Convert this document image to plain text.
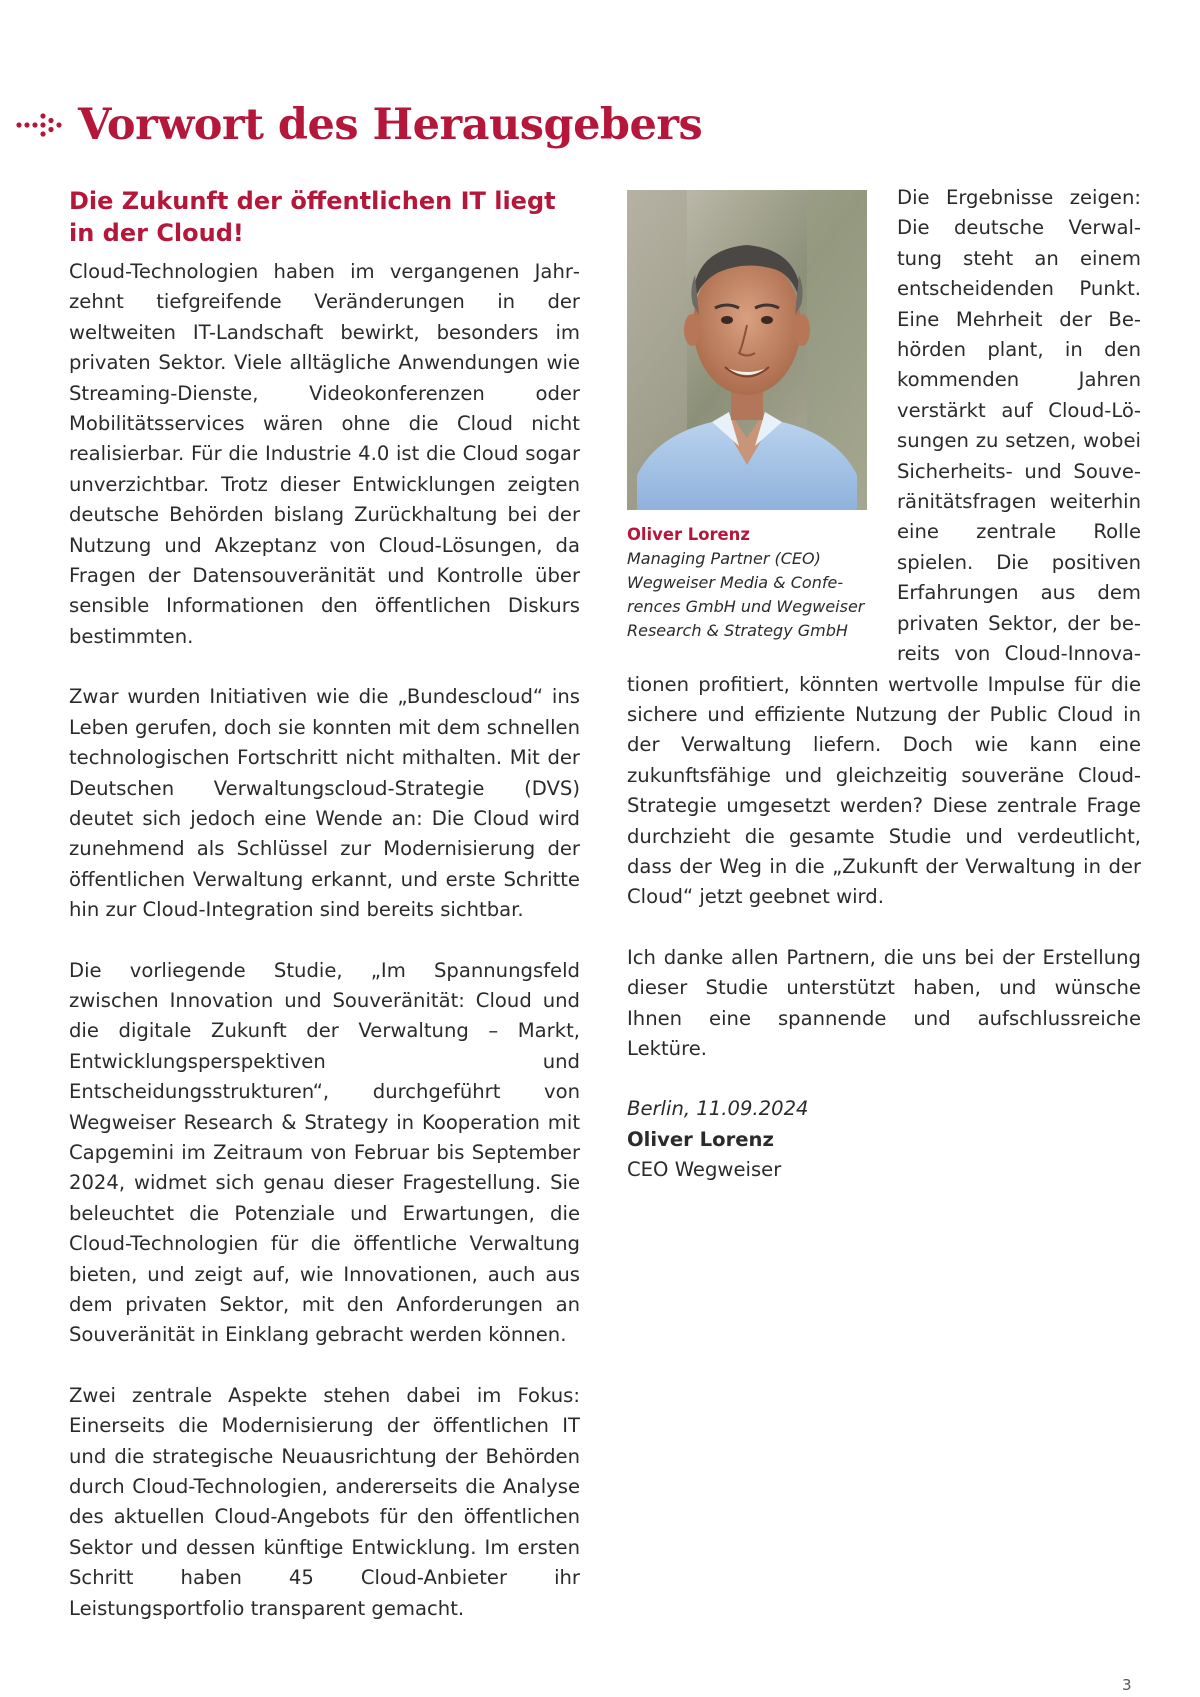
Vorwort des Herausgebers
Die Zukunft der öffentlichen IT liegt in der Cloud!

Cloud-Technologien haben im vergangenen Jahrzehnt tiefgreifende Veränderungen in der weltweiten IT-Landschaft bewirkt, besonders im privaten Sektor. Viele alltägliche Anwendungen wie Streaming-Dienste, Videokonferenzen oder Mobilitätsservices wären ohne die Cloud nicht realisierbar. Für die Industrie 4.0 ist die Cloud sogar unverzichtbar. Trotz dieser Entwicklungen zeigten deutsche Behörden bislang Zurückhaltung bei der Nutzung und Akzeptanz von Cloud-Lösungen, da Fragen der Datensouveränität und Kontrolle über sensible Informationen den öffentlichen Diskurs bestimmten.

Zwar wurden Initiativen wie die „Bundescloud“ ins Leben gerufen, doch sie konnten mit dem schnellen technologischen Fortschritt nicht mithalten. Mit der Deutschen Verwaltungscloud-Strategie (DVS) deutet sich jedoch eine Wende an: Die Cloud wird zunehmend als Schlüssel zur Modernisierung der öffentlichen Verwaltung erkannt, und erste Schritte hin zur Cloud-Integration sind bereits sichtbar.

Die vorliegende Studie, „Im Spannungsfeld zwischen Innovation und Souveränität: Cloud und die digitale Zukunft der Verwaltung – Markt, Entwicklungsperspektiven und Entscheidungsstrukturen“, durchgeführt von Wegweiser Research & Strategy in Kooperation mit Capgemini im Zeitraum von Februar bis September 2024, widmet sich genau dieser Fragestellung. Sie beleuchtet die Potenziale und Erwartungen, die Cloud-Technologien für die öffentliche Verwaltung bieten, und zeigt auf, wie Innovationen, auch aus dem privaten Sektor, mit den Anforderungen an Souveränität in Einklang gebracht werden können.

Zwei zentrale Aspekte stehen dabei im Fokus: Einerseits die Modernisierung der öffentlichen IT und die strategische Neuausrichtung der Behörden durch Cloud-Technologien, andererseits die Analyse des aktuellen Cloud-Angebots für den öffentlichen Sektor und dessen künftige Entwicklung. Im ersten Schritt haben 45 Cloud-Anbieter ihr Leistungsportfolio transparent gemacht.

Oliver Lorenz
Managing Partner (CEO) Wegweiser Media & Conferences GmbH und Wegweiser Research & Strategy GmbH

Die Ergebnisse zeigen: Die deutsche Verwaltung steht an einem entscheidenden Punkt. Eine Mehrheit der Behörden plant, in den kommenden Jahren verstärkt auf Cloud-Lösungen zu setzen, wobei Sicherheits- und Souveränitätsfragen weiterhin eine zentrale Rolle spielen. Die positiven Erfahrungen aus dem privaten Sektor, der bereits von Cloud-Innovationen profitiert, könnten wertvolle Impulse für die sichere und effiziente Nutzung der Public Cloud in der Verwaltung liefern. Doch wie kann eine zukunftsfähige und gleichzeitig souveräne Cloud-Strategie umgesetzt werden? Diese zentrale Frage durchzieht die gesamte Studie und verdeutlicht, dass der Weg in die „Zukunft der Verwaltung in der Cloud“ jetzt geebnet wird.

Ich danke allen Partnern, die uns bei der Erstellung dieser Studie unterstützt haben, und wünsche Ihnen eine spannende und aufschlussreiche Lektüre.

Berlin, 11.09.2024
Oliver Lorenz
CEO Wegweiser
3
